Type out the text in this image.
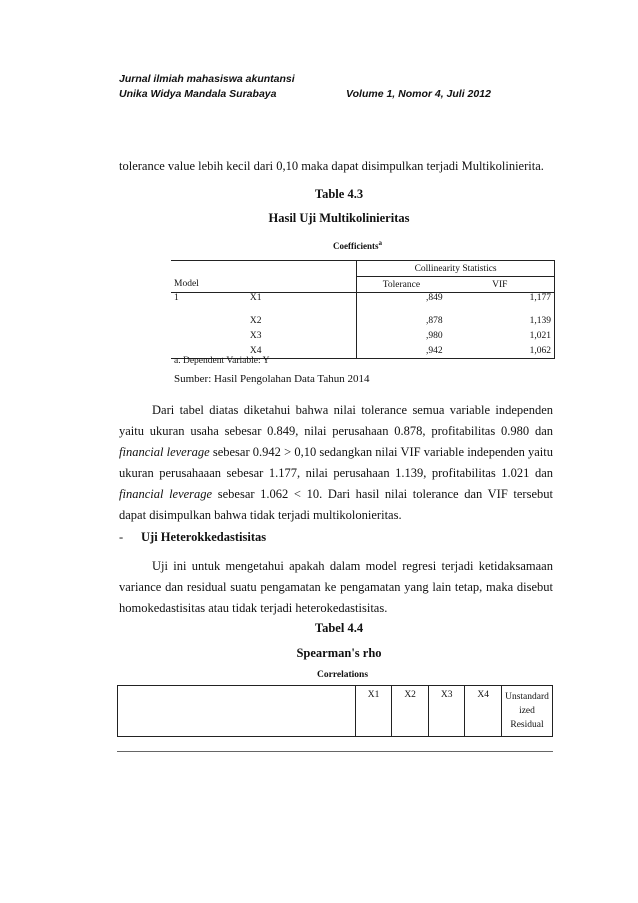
Jurnal ilmiah mahasiswa akuntansi
Unika Widya Mandala Surabaya	Volume 1, Nomor 4, Juli 2012
tolerance value lebih kecil dari 0,10 maka dapat disimpulkan terjadi Multikolinierita.
Table 4.3
Hasil Uji Multikolinieritas
Coefficients$^a$
		Collinearity Statistics	
Model		Tolerance	VIF
1	X1	,849	1,177
	X2	,878	1,139
	X3	,980	1,021
	X4	,942	1,062
a. Dependent Variable: Y
Sumber: Hasil Pengolahan Data Tahun 2014
Dari tabel diatas diketahui bahwa nilai tolerance semua variable independen yaitu ukuran usaha sebesar 0.849, nilai perusahaan 0.878, profitabilitas 0.980 dan financial leverage sebesar 0.942 > 0,10 sedangkan nilai VIF variable independen yaitu ukuran perusahaaan sebesar 1.177, nilai perusahaan 1.139, profitabilitas 1.021 dan financial leverage sebesar 1.062 < 10. Dari hasil nilai tolerance dan VIF tersebut dapat disimpulkan bahwa tidak terjadi multikolonieritas.
- Uji Heterokkedastisitas
Uji ini untuk mengetahui apakah dalam model regresi terjadi ketidaksamaan variance dan residual suatu pengamatan ke pengamatan yang lain tetap, maka disebut homokedastisitas atau tidak terjadi heterokedastisitas.
Tabel 4.4
Spearman's rho
Correlations
	X1	X2	X3	X4	Unstandard
ized
Residual
